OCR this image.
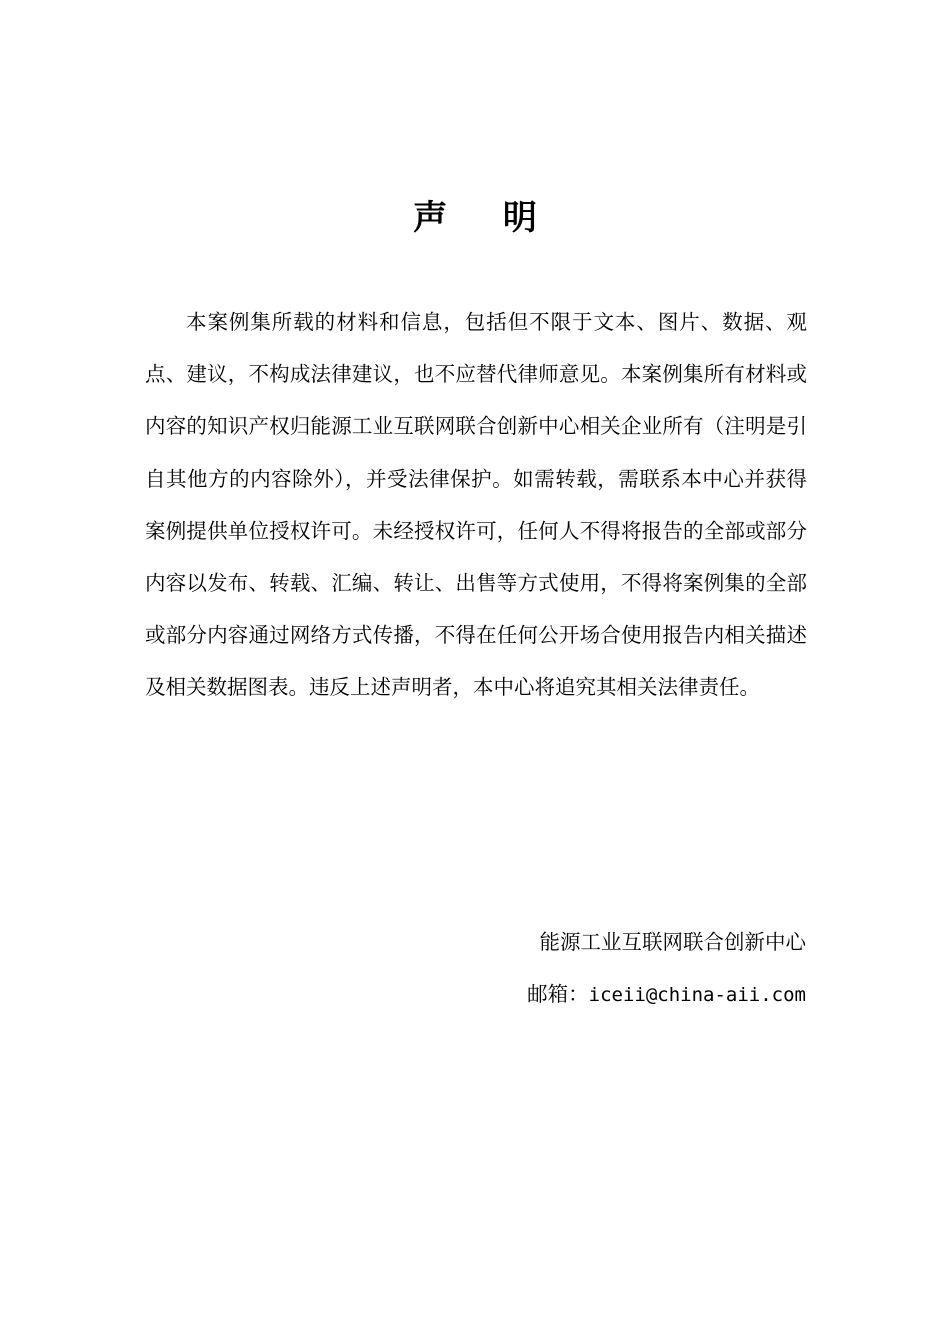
声 明

本案例集所载的材料和信息，包括但不限于文本、图片、数据、观点、建议，不构成法律建议，也不应替代律师意见。本案例集所有材料或内容的知识产权归能源工业互联网联合创新中心相关企业所有（注明是引自其他方的内容除外），并受法律保护。如需转载，需联系本中心并获得案例提供单位授权许可。未经授权许可，任何人不得将报告的全部或部分内容以发布、转载、汇编、转让、出售等方式使用，不得将案例集的全部或部分内容通过网络方式传播，不得在任何公开场合使用报告内相关描述及相关数据图表。违反上述声明者，本中心将追究其相关法律责任。

能源工业互联网联合创新中心
邮箱：iceii@china-aii.com
